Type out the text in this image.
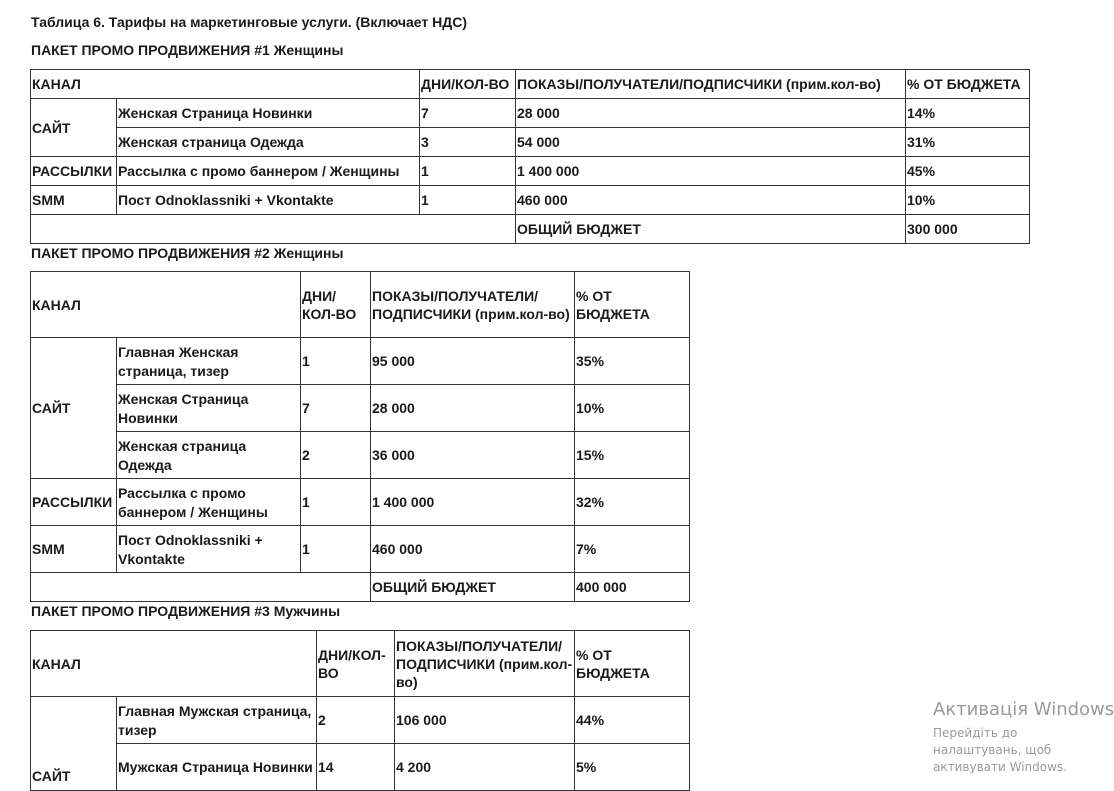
Таблица 6. Тарифы на маркетинговые услуги. (Включает НДС)
ПАКЕТ ПРОМО ПРОДВИЖЕНИЯ #1 Женщины
КАНАЛ		ДНИ/КОЛ-ВО	ПОКАЗЫ/ПОЛУЧАТЕЛИ/ПОДПИСЧИКИ (прим.кол-во)	% ОТ БЮДЖЕТА
САЙТ	Женская Страница Новинки	7	28 000	14%
	Женская страница Одежда	3	54 000	31%
РАССЫЛКИ	Рассылка с промо баннером / Женщины	1	1 400 000	45%
SMM	Пост Odnoklassniki + Vkontakte	1	460 000	10%
			ОБЩИЙ БЮДЖЕТ	300 000
ПАКЕТ ПРОМО ПРОДВИЖЕНИЯ #2 Женщины
КАНАЛ		ДНИ/ КОЛ-ВО	ПОКАЗЫ/ПОЛУЧАТЕЛИ/ ПОДПИСЧИКИ (прим.кол-во)	% ОТ БЮДЖЕТА
САЙТ	Главная Женская страница, тизер	1	95 000	35%
	Женская Страница Новинки	7	28 000	10%
	Женская страница Одежда	2	36 000	15%
РАССЫЛКИ	Рассылка с промо баннером / Женщины	1	1 400 000	32%
SMM	Пост Odnoklassniki + Vkontakte	1	460 000	7%
			ОБЩИЙ БЮДЖЕТ	400 000
ПАКЕТ ПРОМО ПРОДВИЖЕНИЯ #3 Мужчины
КАНАЛ		ДНИ/КОЛ- ВО	ПОКАЗЫ/ПОЛУЧАТЕЛИ/ ПОДПИСЧИКИ (прим.кол-во)	% ОТ БЮДЖЕТА
САЙТ	Главная Мужская страница, тизер	2	106 000	44%
	Мужская Страница Новинки	14	4 200	5%
Активація Windows
Перейдіть до налаштувань, щоб активувати Windows.
